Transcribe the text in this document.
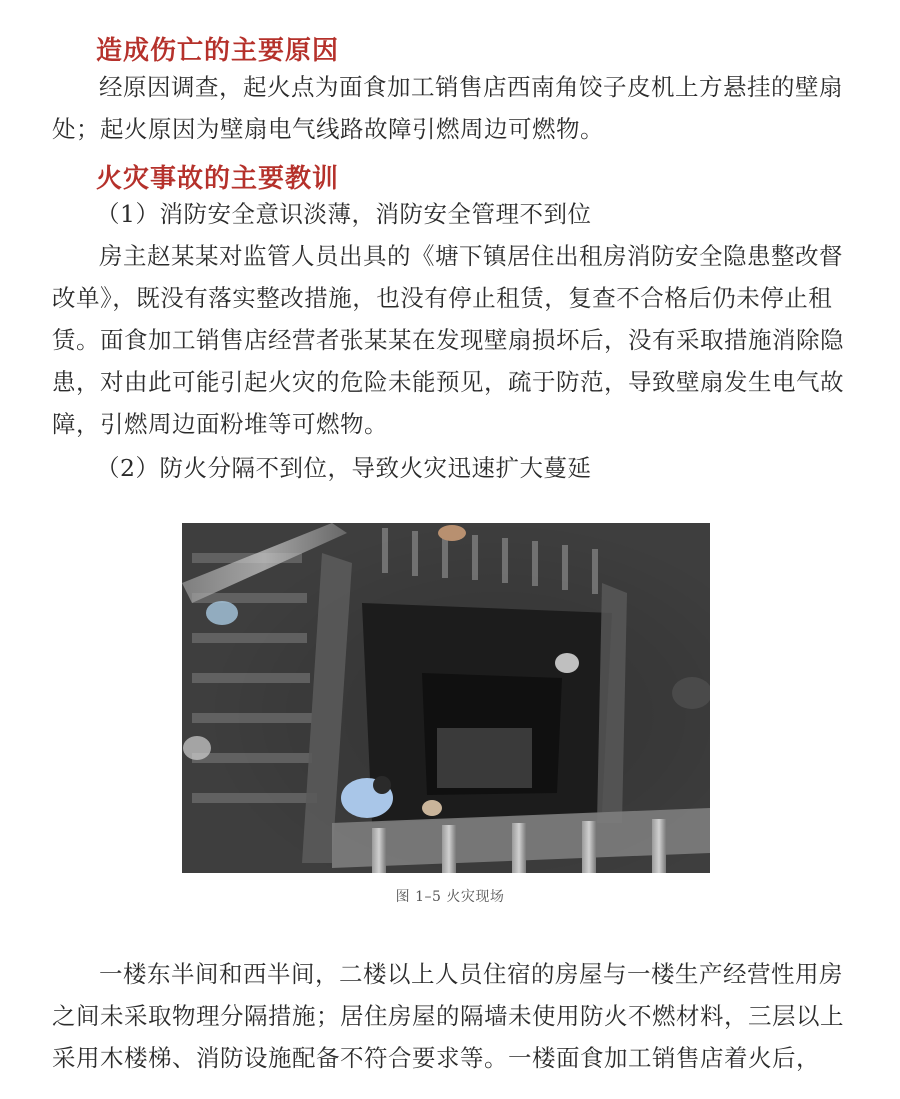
造成伤亡的主要原因

经原因调查，起火点为面食加工销售店西南角饺子皮机上方悬挂的壁扇处；起火原因为壁扇电气线路故障引燃周边可燃物。

火灾事故的主要教训
（1）消防安全意识淡薄，消防安全管理不到位

房主赵某某对监管人员出具的《塘下镇居住出租房消防安全隐患整改督改单》，既没有落实整改措施，也没有停止租赁，复查不合格后仍未停止租赁。面食加工销售店经营者张某某在发现壁扇损坏后，没有采取措施消除隐患，对由此可能引起火灾的危险未能预见，疏于防范，导致壁扇发生电气故障，引燃周边面粉堆等可燃物。

（2）防火分隔不到位，导致火灾迅速扩大蔓延
图 1–5 火灾现场

一楼东半间和西半间，二楼以上人员住宿的房屋与一楼生产经营性用房之间未采取物理分隔措施；居住房屋的隔墙未使用防火不燃材料，三层以上采用木楼梯、消防设施配备不符合要求等。一楼面食加工销售店着火后，
